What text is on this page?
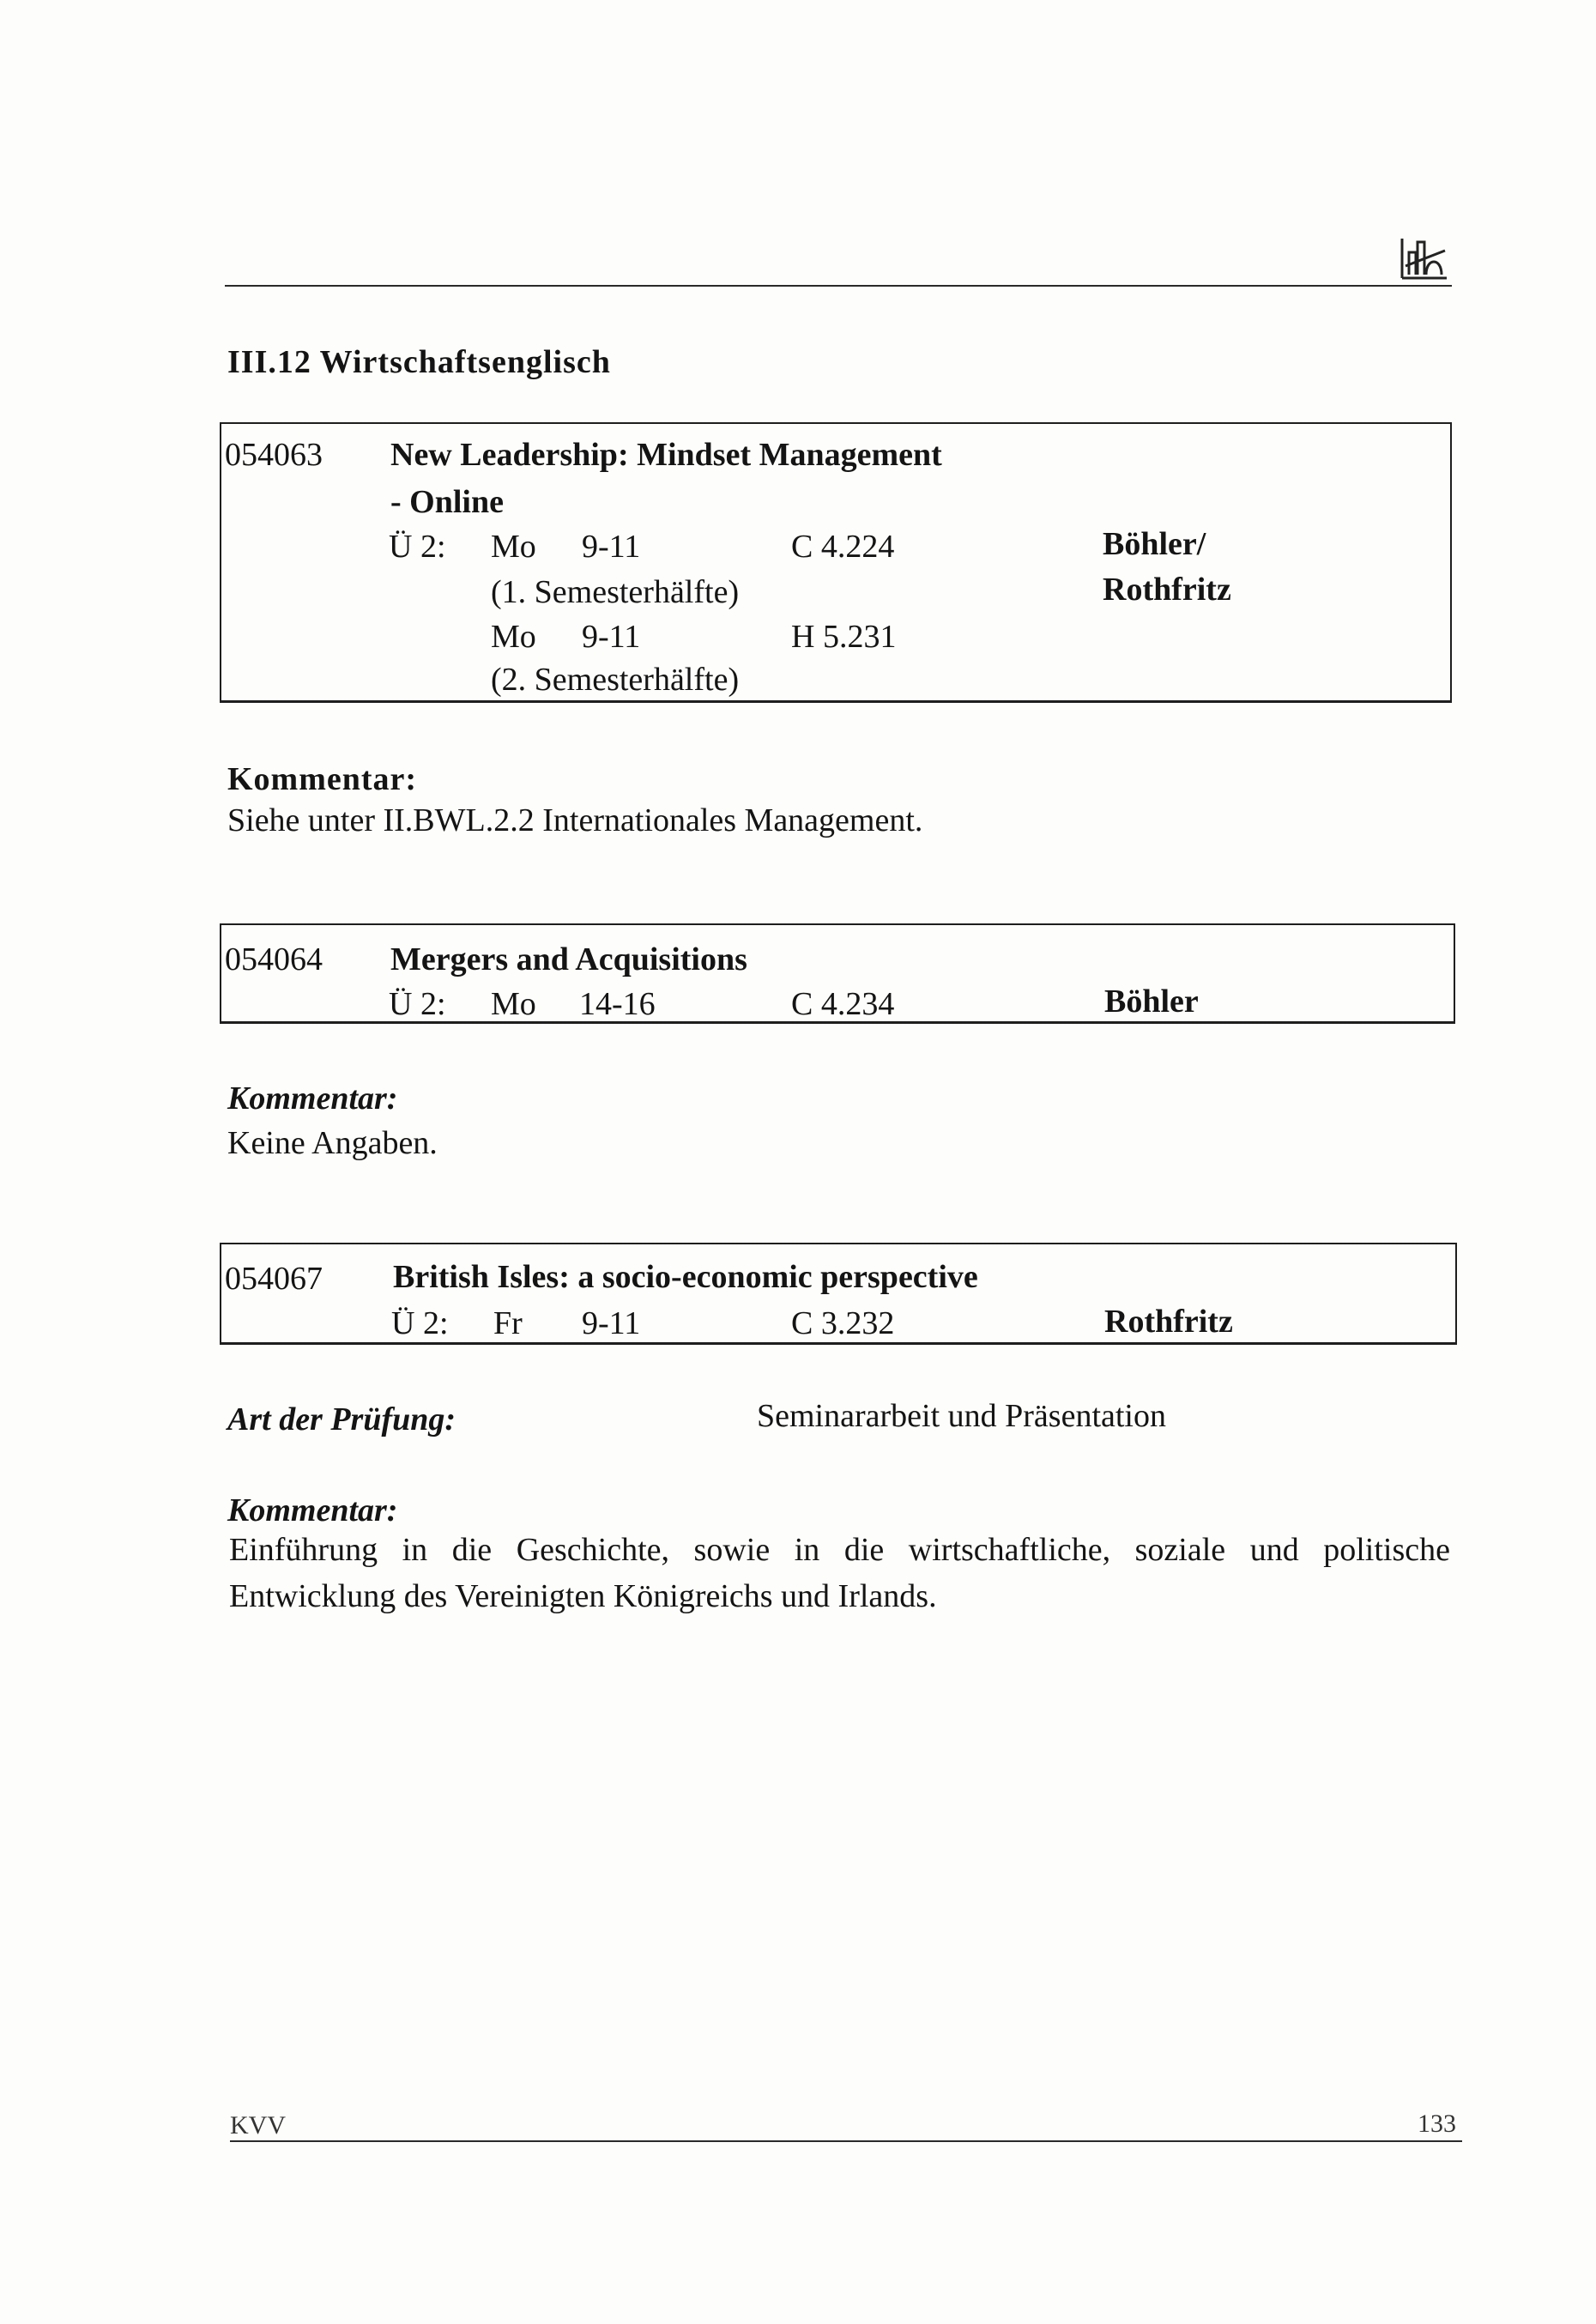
III.12 Wirtschaftsenglisch
054063 New Leadership: Mindset Management
- Online
Ü 2: Mo 9-11	C 4.224	Böhler/
(1. Semesterhälfte)	Rothfritz
Mo 9-11	H 5.231
(2. Semesterhälfte)
Kommentar:
Siehe unter II.BWL.2.2 Internationales Management.
054064 Mergers and Acquisitions
Ü 2: Mo 14-16	C 4.234	Böhler
Kommentar:
Keine Angaben.
054067 British Isles: a socio-economic perspective
Ü 2: Fr 9-11	C 3.232	Rothfritz
Art der Prüfung:	Seminararbeit und Präsentation
Kommentar:
Einführung in die Geschichte, sowie in die wirtschaftliche, soziale und politische
Entwicklung des Vereinigten Königreichs und Irlands.
KVV	133
